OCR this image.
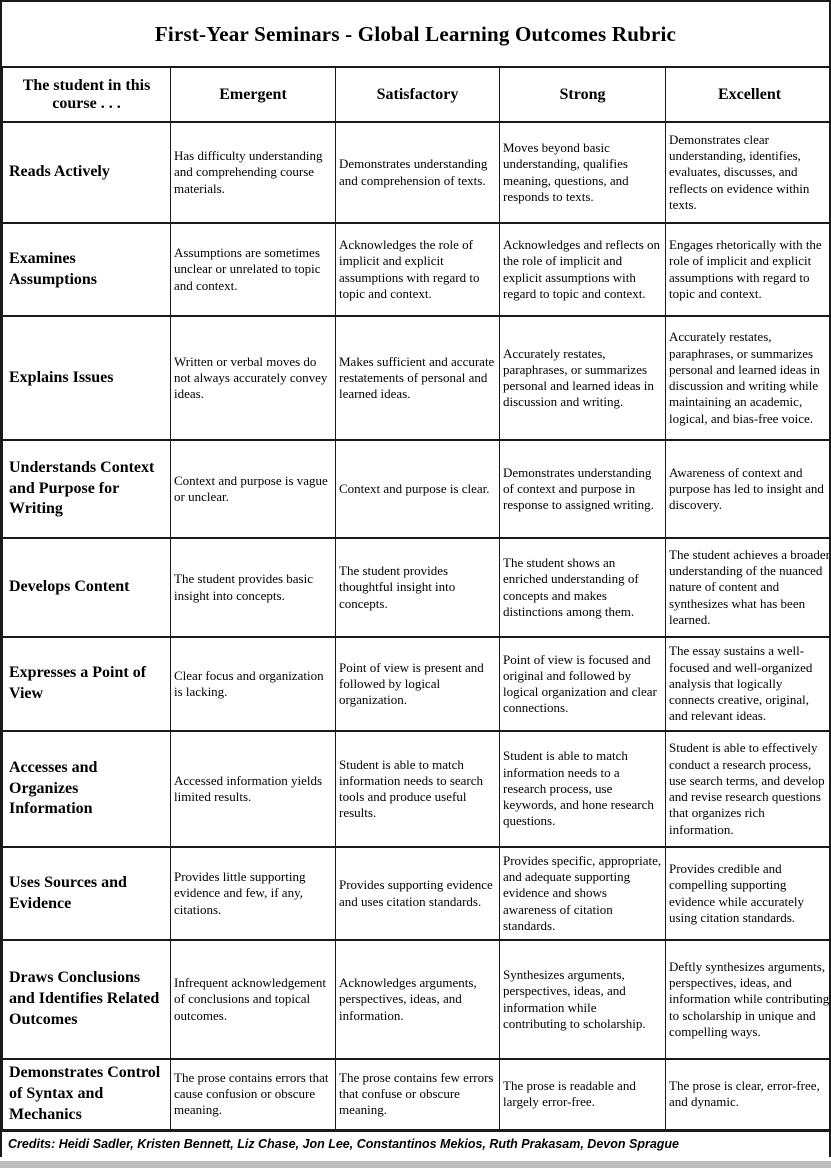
First-Year Seminars - Global Learning Outcomes Rubric
The student in this course . . .	Emergent	Satisfactory	Strong	Excellent
Reads Actively	Has difficulty understanding and comprehending course materials.	Demonstrates understanding and comprehension of texts.	Moves beyond basic understanding, qualifies meaning, questions, and responds to texts.	Demonstrates clear understanding, identifies, evaluates, discusses, and reflects on evidence within texts.
Examines Assumptions	Assumptions are sometimes unclear or unrelated to topic and context.	Acknowledges the role of implicit and explicit assumptions with regard to topic and context.	Acknowledges and reflects on the role of implicit and explicit assumptions with regard to topic and context.	Engages rhetorically with the role of implicit and explicit assumptions with regard to topic and context.
Explains Issues	Written or verbal moves do not always accurately convey ideas.	Makes sufficient and accurate restatements of personal and learned ideas.	Accurately restates, paraphrases, or summarizes personal and learned ideas in discussion and writing.	Accurately restates, paraphrases, or summarizes personal and learned ideas in discussion and writing while maintaining an academic, logical, and bias-free voice.
Understands Context and Purpose for Writing	Context and purpose is vague or unclear.	Context and purpose is clear.	Demonstrates understanding of context and purpose in response to assigned writing.	Awareness of context and purpose has led to insight and discovery.
Develops Content	The student provides basic insight into concepts.	The student provides thoughtful insight into concepts.	The student shows an enriched understanding of concepts and makes distinctions among them.	The student achieves a broader understanding of the nuanced nature of content and synthesizes what has been learned.
Expresses a Point of View	Clear focus and organization is lacking.	Point of view is present and followed by logical organization.	Point of view is focused and original and followed by logical organization and clear connections.	The essay sustains a well-focused and well-organized analysis that logically connects creative, original, and relevant ideas.
Accesses and Organizes Information	Accessed information yields limited results.	Student is able to match information needs to search tools and produce useful results.	Student is able to match information needs to a research process, use keywords, and hone research questions.	Student is able to effectively conduct a research process, use search terms, and develop and revise research questions that organizes rich information.
Uses Sources and Evidence	Provides little supporting evidence and few, if any, citations.	Provides supporting evidence and uses citation standards.	Provides specific, appropriate, and adequate supporting evidence and shows awareness of citation standards.	Provides credible and compelling supporting evidence while accurately using citation standards.
Draws Conclusions and Identifies Related Outcomes	Infrequent acknowledgement of conclusions and topical outcomes.	Acknowledges arguments, perspectives, ideas, and information.	Synthesizes arguments, perspectives, ideas, and information while contributing to scholarship.	Deftly synthesizes arguments, perspectives, ideas, and information while contributing to scholarship in unique and compelling ways.
Demonstrates Control of Syntax and Mechanics	The prose contains errors that cause confusion or obscure meaning.	The prose contains few errors that confuse or obscure meaning.	The prose is readable and largely error-free.	The prose is clear, error-free, and dynamic.
Credits: Heidi Sadler, Kristen Bennett, Liz Chase, Jon Lee, Constantinos Mekios, Ruth Prakasam, Devon Sprague
